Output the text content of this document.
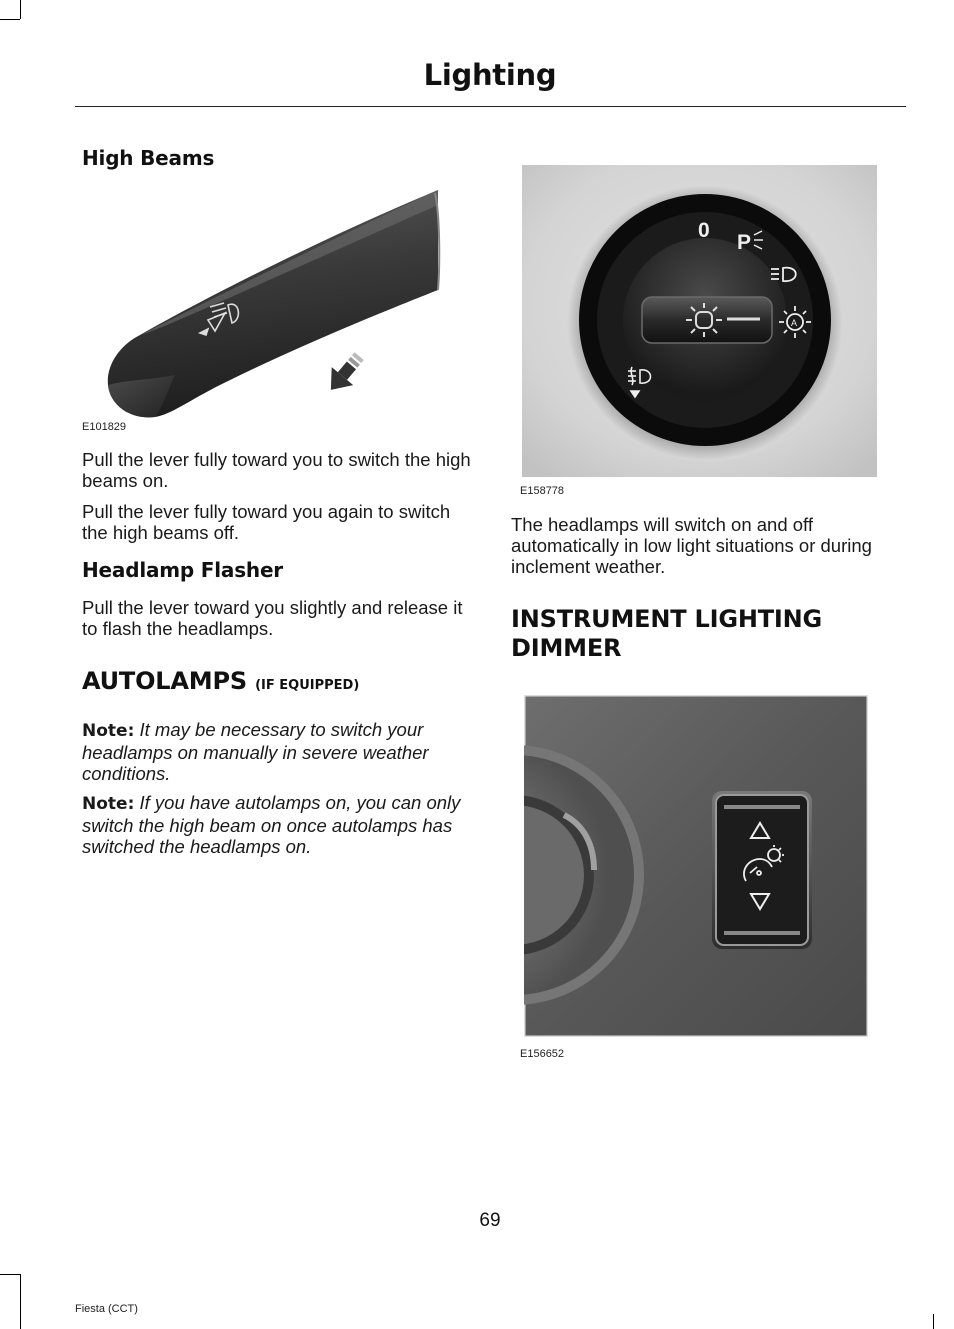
Lighting
High Beams
E101829
Pull the lever fully toward you to switch the high beams on.
Pull the lever fully toward you again to switch the high beams off.
Headlamp Flasher
Pull the lever toward you slightly and release it to flash the headlamps.
AUTOLAMPS (IF EQUIPPED)
Note: It may be necessary to switch your headlamps on manually in severe weather conditions.
Note: If you have autolamps on, you can only switch the high beam on once autolamps has switched the headlamps on.
0
P
A
E158778
The headlamps will switch on and off automatically in low light situations or during inclement weather.
INSTRUMENT LIGHTING
DIMMER
E156652
69
Fiesta (CCT)
